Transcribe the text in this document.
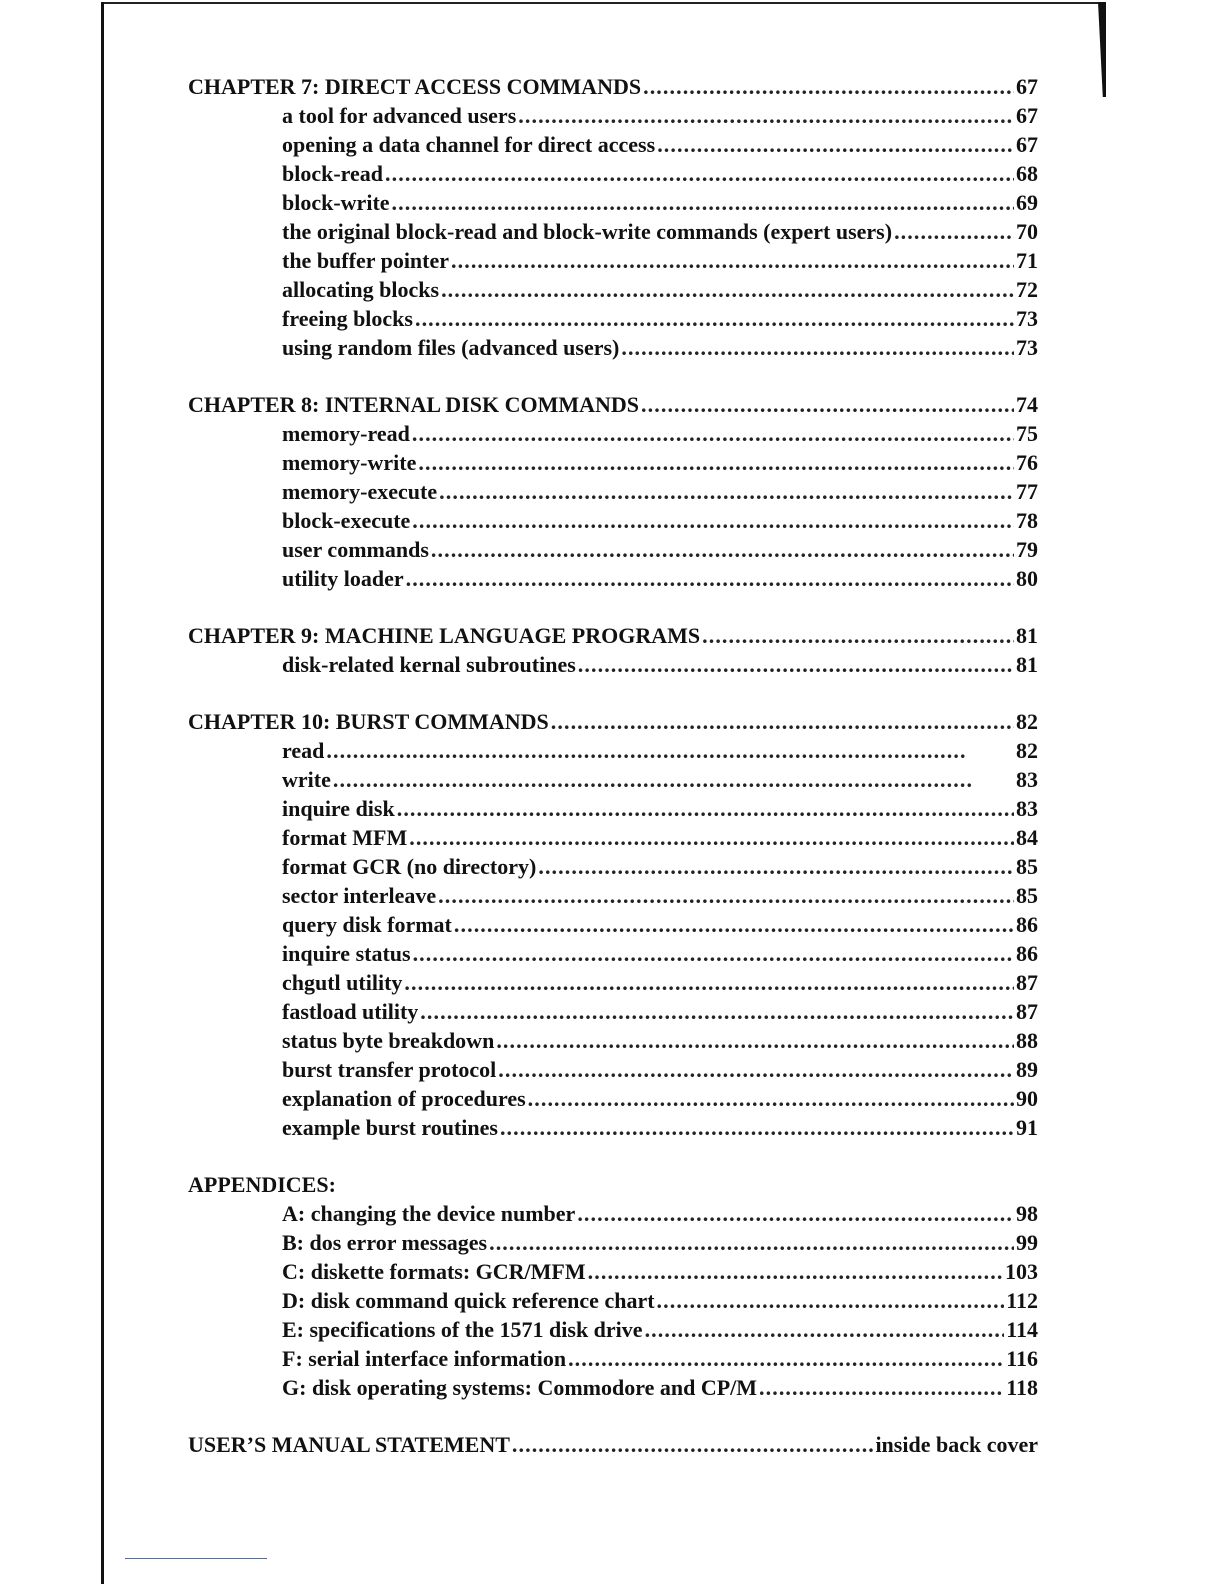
CHAPTER 7: DIRECT ACCESS COMMANDS . . .	67
a tool for advanced users . . .	67
opening a data channel for direct access . . .	67
block-read . . .	68
block-write . . .	69
the original block-read and block-write commands (expert users) . . .	70
the buffer pointer . . .	71
allocating blocks . . .	72
freeing blocks . . .	73
using random files (advanced users) . . .	73
CHAPTER 8: INTERNAL DISK COMMANDS . . .	74
memory-read . . .	75
memory-write . . .	76
memory-execute . . .	77
block-execute . . .	78
user commands . . .	79
utility loader . . .	80
CHAPTER 9: MACHINE LANGUAGE PROGRAMS . . .	81
disk-related kernal subroutines . . .	81
CHAPTER 10: BURST COMMANDS . . .	82
read . . .	82
write . . .	83
inquire disk . . .	83
format MFM . . .	84
format GCR (no directory) . . .	85
sector interleave . . .	85
query disk format . . .	86
inquire status . . .	86
chgutl utility . . .	87
fastload utility . . .	87
status byte breakdown . . .	88
burst transfer protocol . . .	89
explanation of procedures . . .	90
example burst routines . . .	91
APPENDICES:
A: changing the device number . . .	98
B: dos error messages . . .	99
C: diskette formats: GCR/MFM . . .	103
D: disk command quick reference chart . . .	112
E: specifications of the 1571 disk drive . . .	114
F: serial interface information . . .	116
G: disk operating systems: Commodore and CP/M . . .	118
USER’S MANUAL STATEMENT . . .	inside back cover
